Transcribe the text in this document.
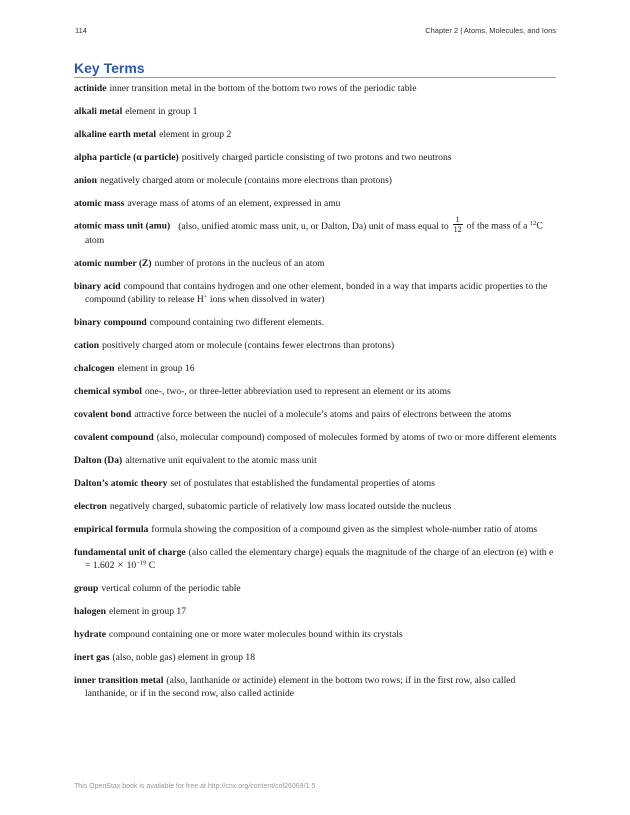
114	Chapter 2 | Atoms, Molecules, and Ions
Key Terms

actinide inner transition metal in the bottom of the bottom two rows of the periodic table

alkali metal element in group 1

alkaline earth metal element in group 2

alpha particle (α particle) positively charged particle consisting of two protons and two neutrons

anion negatively charged atom or molecule (contains more electrons than protons)

atomic mass average mass of atoms of an element, expressed in amu

atomic mass unit (amu) (also, unified atomic mass unit, u, or Dalton, Da) unit of mass equal to $\frac{1}{12}$ of the mass of a $^{12}$C atom

atomic number (Z) number of protons in the nucleus of an atom

binary acid compound that contains hydrogen and one other element, bonded in a way that imparts acidic properties to the compound (ability to release H+ ions when dissolved in water)

binary compound compound containing two different elements.

cation positively charged atom or molecule (contains fewer electrons than protons)

chalcogen element in group 16

chemical symbol one-, two-, or three-letter abbreviation used to represent an element or its atoms

covalent bond attractive force between the nuclei of a molecule’s atoms and pairs of electrons between the atoms

covalent compound (also, molecular compound) composed of molecules formed by atoms of two or more different elements

Dalton (Da) alternative unit equivalent to the atomic mass unit

Dalton’s atomic theory set of postulates that established the fundamental properties of atoms

electron negatively charged, subatomic particle of relatively low mass located outside the nucleus

empirical formula formula showing the composition of a compound given as the simplest whole-number ratio of atoms

fundamental unit of charge (also called the elementary charge) equals the magnitude of the charge of an electron (e) with $e = 1.602 \times 10^{-19}$ C

group vertical column of the periodic table

halogen element in group 17

hydrate compound containing one or more water molecules bound within its crystals

inert gas (also, noble gas) element in group 18

inner transition metal (also, lanthanide or actinide) element in the bottom two rows; if in the first row, also called lanthanide, or if in the second row, also called actinide

This OpenStax book is available for free at http://cnx.org/content/col26069/1.5
